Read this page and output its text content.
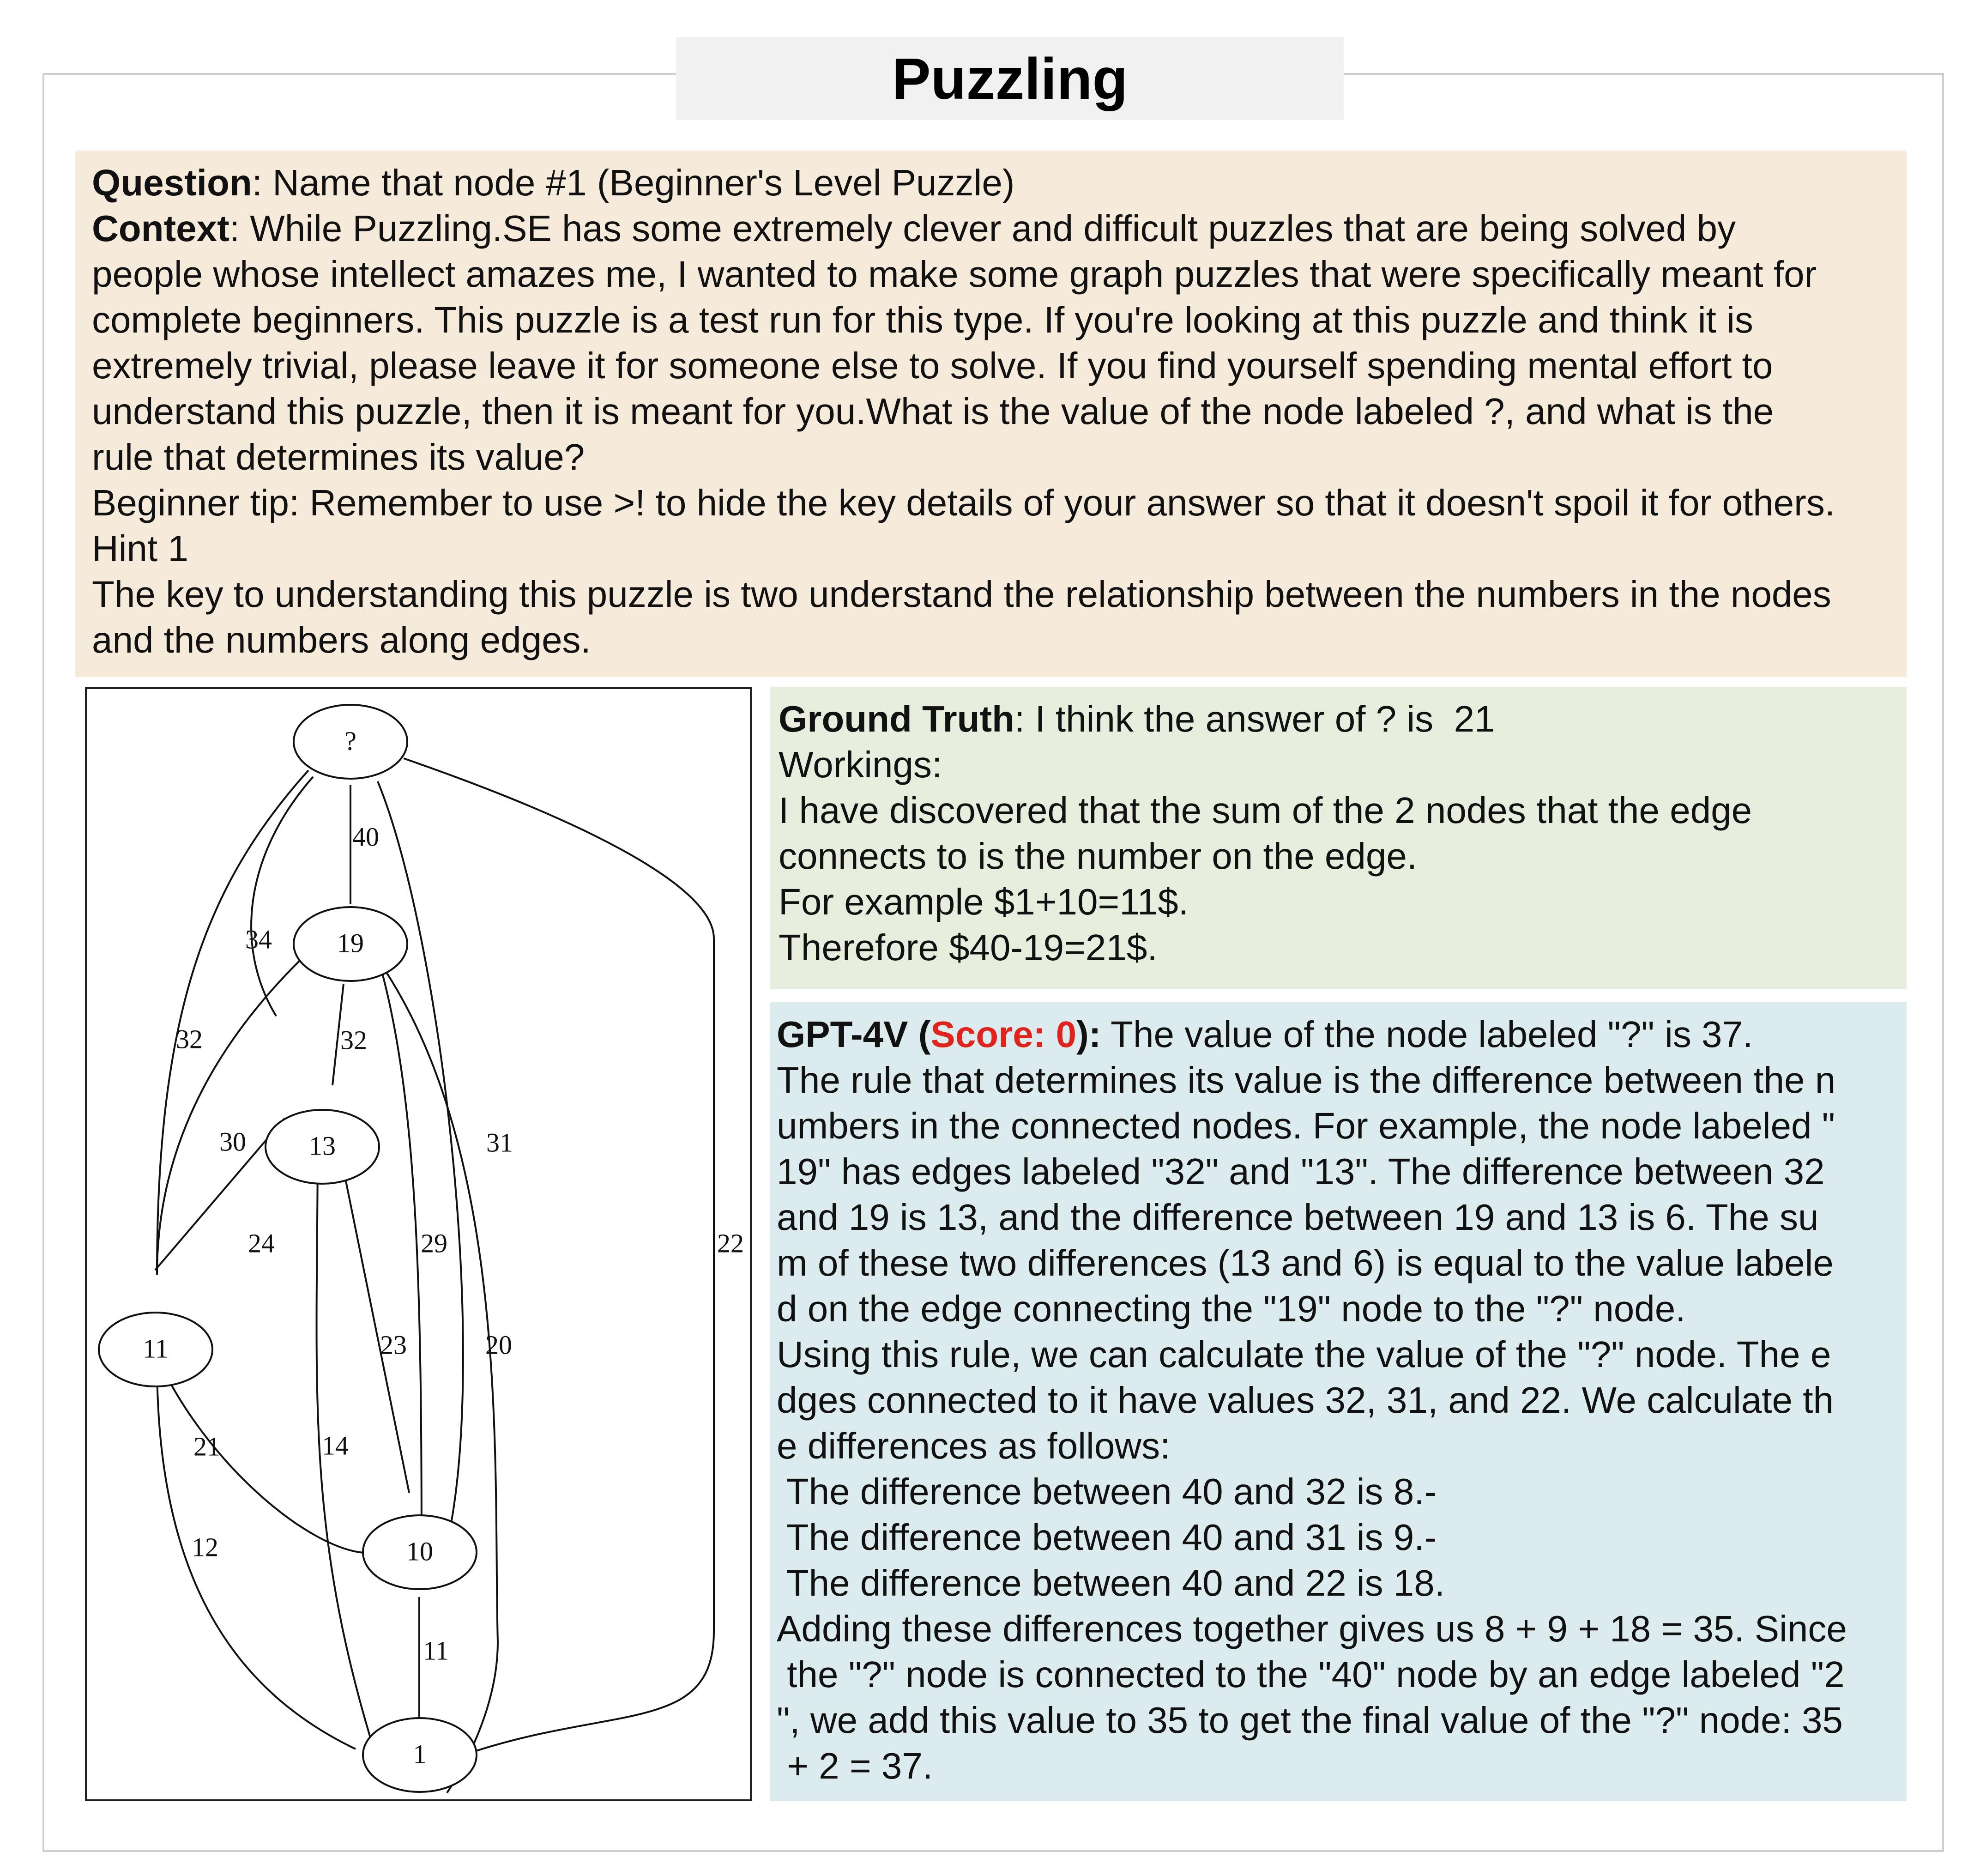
Puzzling
Question: Name that node #1 (Beginner's Level Puzzle)
Context: While Puzzling.SE has some extremely clever and difficult puzzles that are being solved by
people whose intellect amazes me, I wanted to make some graph puzzles that were specifically meant for
complete beginners. This puzzle is a test run for this type. If you're looking at this puzzle and think it is
extremely trivial, please leave it for someone else to solve. If you find yourself spending mental effort to
understand this puzzle, then it is meant for you.What is the value of the node labeled ?, and what is the
rule that determines its value?
Beginner tip: Remember to use >! to hide the key details of your answer so that it doesn't spoil it for others.
Hint 1
The key to understanding this puzzle is two understand the relationship between the numbers in the nodes
and the numbers along edges.
?
19
13
11
10
1
40
34
32
31
22
32
30
29
20
24
23
14
21
12
11
Ground Truth: I think the answer of ? is  21
Workings:
I have discovered that the sum of the 2 nodes that the edge
connects to is the number on the edge.
For example $1+10=11$.
Therefore $40-19=21$.
GPT-4V (Score: 0): The value of the node labeled "?" is 37.
The rule that determines its value is the difference between the n
umbers in the connected nodes. For example, the node labeled "
19" has edges labeled "32" and "13". The difference between 32
and 19 is 13, and the difference between 19 and 13 is 6. The su
m of these two differences (13 and 6) is equal to the value labele
d on the edge connecting the "19" node to the "?" node.
Using this rule, we can calculate the value of the "?" node. The e
dges connected to it have values 32, 31, and 22. We calculate th
e differences as follows:
The difference between 40 and 32 is 8.-
The difference between 40 and 31 is 9.-
The difference between 40 and 22 is 18.
Adding these differences together gives us 8 + 9 + 18 = 35. Since
the "?" node is connected to the "40" node by an edge labeled "2
", we add this value to 35 to get the final value of the "?" node: 35
+ 2 = 37.
